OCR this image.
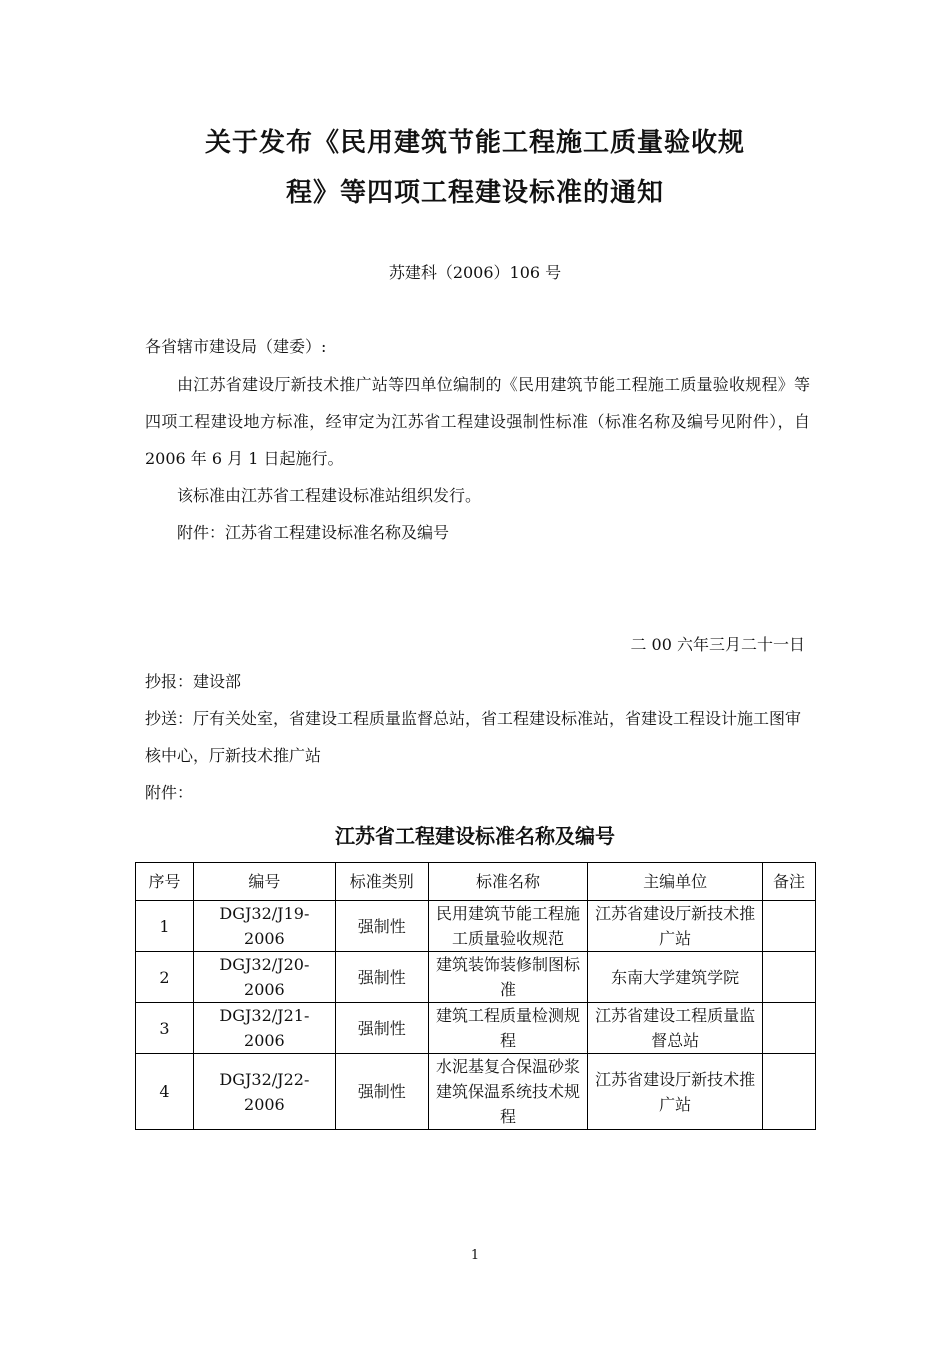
关于发布《民用建筑节能工程施工质量验收规
程》等四项工程建设标准的通知
苏建科（2006）106 号

各省辖市建设局（建委）:

由江苏省建设厅新技术推广站等四单位编制的《民用建筑节能工程施工质量验收规程》等四项工程建设地方标准，经审定为江苏省工程建设强制性标准（标准名称及编号见附件），自 2006 年 6 月 1 日起施行。

该标准由江苏省工程建设标准站组织发行。

附件：江苏省工程建设标准名称及编号

二 00 六年三月二十一日

抄报：建设部

抄送：厅有关处室，省建设工程质量监督总站，省工程建设标准站，省建设工程设计施工图审核中心，厅新技术推广站

附件：

江苏省工程建设标准名称及编号
序号	编号	标准类别	标准名称	主编单位	备注
1	DGJ32/J19-2006	强制性	民用建筑节能工程施工质量验收规范	江苏省建设厅新技术推广站	
2	DGJ32/J20-2006	强制性	建筑装饰装修制图标准	东南大学建筑学院	
3	DGJ32/J21-2006	强制性	建筑工程质量检测规程	江苏省建设工程质量监督总站	
4	DGJ32/J22-2006	强制性	水泥基复合保温砂浆建筑保温系统技术规程	江苏省建设厅新技术推广站	
1
